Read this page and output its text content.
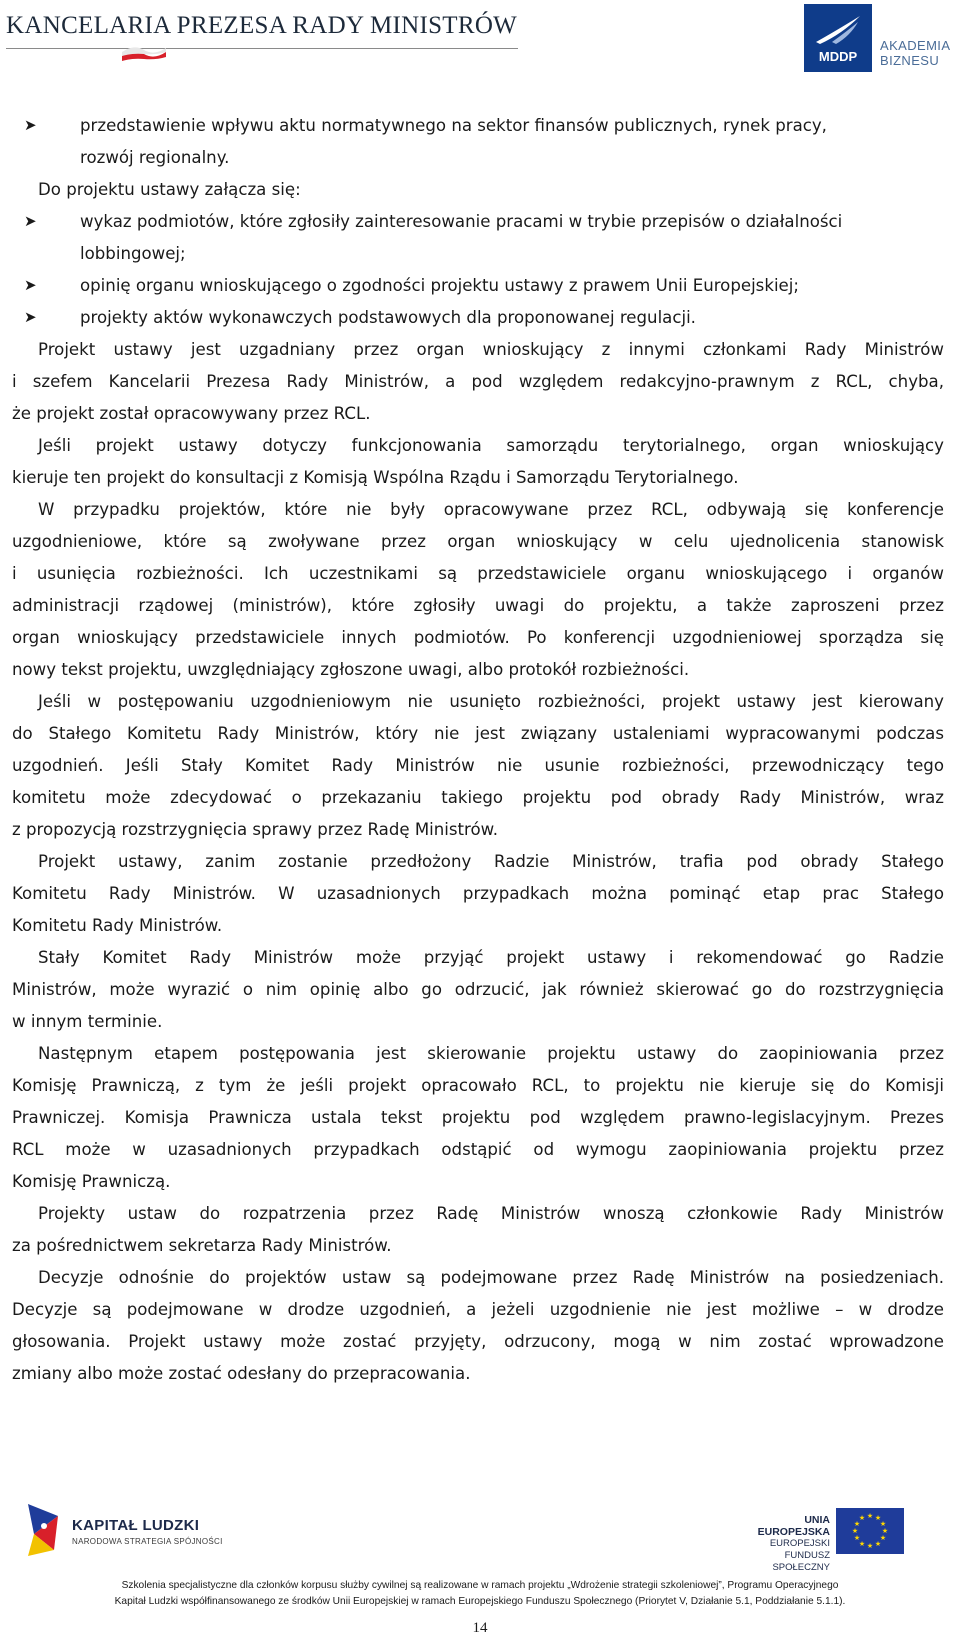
KANCELARIA PREZESA RADY MINISTRÓW
MDDP
AKADEMIA
BIZNESU
➤	przedstawienie wpływu aktu normatywnego na sektor finansów publicznych, rynek pracy,
rozwój regionalny.
Do projektu ustawy załącza się:
➤	wykaz podmiotów, które zgłosiły zainteresowanie pracami w trybie przepisów o działalności
lobbingowej;
➤	opinię organu wnioskującego o zgodności projektu ustawy z prawem Unii Europejskiej;
➤	projekty aktów wykonawczych podstawowych dla proponowanej regulacji.
Projekt ustawy jest uzgadniany przez organ wnioskujący z innymi członkami Rady Ministrów
i szefem Kancelarii Prezesa Rady Ministrów, a pod względem redakcyjno-prawnym z RCL, chyba,
że projekt został opracowywany przez RCL.
Jeśli projekt ustawy dotyczy funkcjonowania samorządu terytorialnego, organ wnioskujący
kieruje ten projekt do konsultacji z Komisją Wspólna Rządu i Samorządu Terytorialnego.
W przypadku projektów, które nie były opracowywane przez RCL, odbywają się konferencje
uzgodnieniowe, które są zwoływane przez organ wnioskujący w celu ujednolicenia stanowisk
i usunięcia rozbieżności. Ich uczestnikami są przedstawiciele organu wnioskującego i organów
administracji rządowej (ministrów), które zgłosiły uwagi do projektu, a także zaproszeni przez
organ wnioskujący przedstawiciele innych podmiotów. Po konferencji uzgodnieniowej sporządza się
nowy tekst projektu, uwzględniający zgłoszone uwagi, albo protokół rozbieżności.
Jeśli w postępowaniu uzgodnieniowym nie usunięto rozbieżności, projekt ustawy jest kierowany
do Stałego Komitetu Rady Ministrów, który nie jest związany ustaleniami wypracowanymi podczas
uzgodnień. Jeśli Stały Komitet Rady Ministrów nie usunie rozbieżności, przewodniczący tego
komitetu może zdecydować o przekazaniu takiego projektu pod obrady Rady Ministrów, wraz
z propozycją rozstrzygnięcia sprawy przez Radę Ministrów.
Projekt ustawy, zanim zostanie przedłożony Radzie Ministrów, trafia pod obrady Stałego
Komitetu Rady Ministrów. W uzasadnionych przypadkach można pominąć etap prac Stałego
Komitetu Rady Ministrów.
Stały Komitet Rady Ministrów może przyjąć projekt ustawy i rekomendować go Radzie
Ministrów, może wyrazić o nim opinię albo go odrzucić, jak również skierować go do rozstrzygnięcia
w innym terminie.
Następnym etapem postępowania jest skierowanie projektu ustawy do zaopiniowania przez
Komisję Prawniczą, z tym że jeśli projekt opracowało RCL, to projektu nie kieruje się do Komisji
Prawniczej. Komisja Prawnicza ustala tekst projektu pod względem prawno-legislacyjnym. Prezes
RCL może w uzasadnionych przypadkach odstąpić od wymogu zaopiniowania projektu przez
Komisję Prawniczą.
Projekty ustaw do rozpatrzenia przez Radę Ministrów wnoszą członkowie Rady Ministrów
za pośrednictwem sekretarza Rady Ministrów.
Decyzje odnośnie do projektów ustaw są podejmowane przez Radę Ministrów na posiedzeniach.
Decyzje są podejmowane w drodze uzgodnień, a jeżeli uzgodnienie nie jest możliwe – w drodze
głosowania. Projekt ustawy może zostać przyjęty, odrzucony, mogą w nim zostać wprowadzone
zmiany albo może zostać odesłany do przepracowania.
KAPITAŁ LUDZKI
NARODOWA STRATEGIA SPÓJNOŚCI
UNIA EUROPEJSKA
EUROPEJSKI
FUNDUSZ SPOŁECZNY
★ ★
★
★
★
★
★
★
★
★
★
★
Szkolenia specjalistyczne dla członków korpusu służby cywilnej są realizowane w ramach projektu „Wdrożenie strategii szkoleniowej”, Programu Operacyjnego
Kapitał Ludzki współfinansowanego ze środków Unii Europejskiej w ramach Europejskiego Funduszu Społecznego (Priorytet V, Działanie 5.1, Poddziałanie 5.1.1).
14
